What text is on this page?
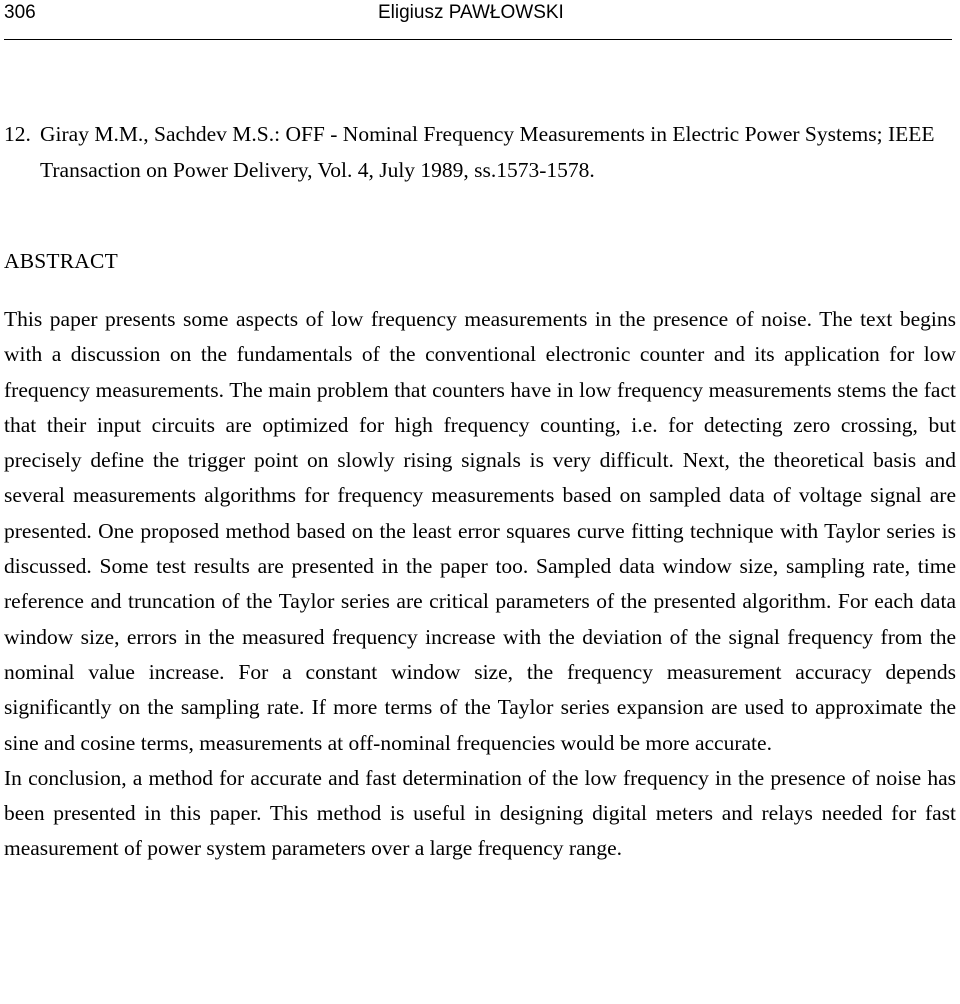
306	Eligiusz PAWŁOWSKI
12. Giray M.M., Sachdev M.S.: OFF - Nominal Frequency Measurements in Electric Power Systems; IEEE Transaction on Power Delivery, Vol. 4, July 1989, ss.1573-1578.
ABSTRACT

This paper presents some aspects of low frequency measurements in the presence of noise. The text begins with a discussion on the fundamentals of the conventional electronic counter and its application for low frequency measurements. The main problem that counters have in low frequency measurements stems the fact that their input circuits are optimized for high frequency counting, i.e. for detecting zero crossing, but precisely define the trigger point on slowly rising signals is very difficult. Next, the theoretical basis and several measurements algorithms for frequency measurements based on sampled data of voltage signal are presented. One proposed method based on the least error squares curve fitting technique with Taylor series is discussed. Some test results are presented in the paper too. Sampled data window size, sampling rate, time reference and truncation of the Taylor series are critical parameters of the presented algorithm. For each data window size, errors in the measured frequency increase with the deviation of the signal frequency from the nominal value increase. For a constant window size, the frequency measurement accuracy depends significantly on the sampling rate. If more terms of the Taylor series expansion are used to approximate the sine and cosine terms, measurements at off-nominal frequencies would be more accurate.

In conclusion, a method for accurate and fast determination of the low frequency in the presence of noise has been presented in this paper. This method is useful in designing digital meters and relays needed for fast measurement of power system parameters over a large frequency range.
